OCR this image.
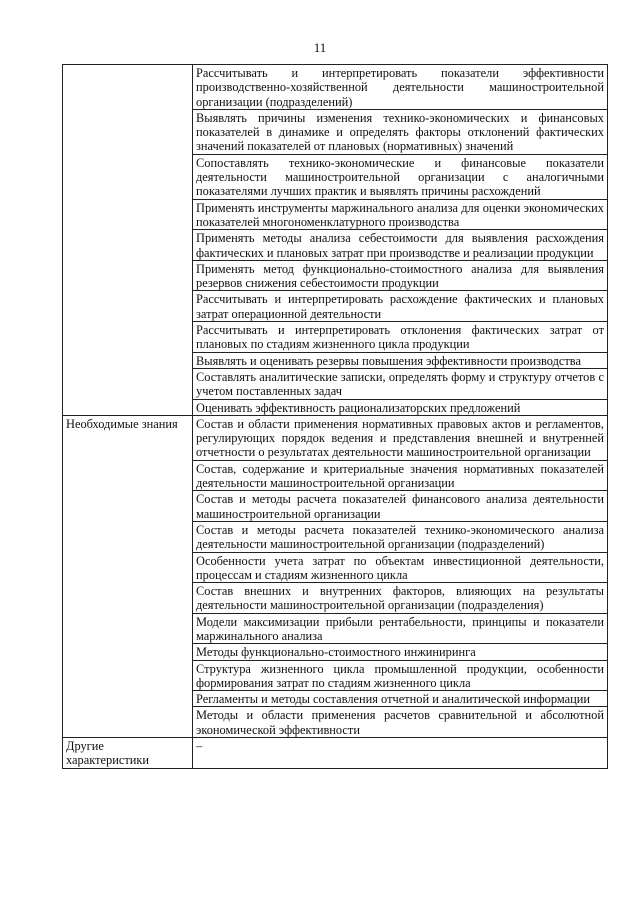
11
	Рассчитывать и интерпретировать показатели эффективности производственно-хозяйственной деятельности машиностроительной организации (подразделений)
	Выявлять причины изменения технико-экономических и финансовых показателей в динамике и определять факторы отклонений фактических значений показателей от плановых (нормативных) значений
	Сопоставлять технико-экономические и финансовые показатели деятельности машиностроительной организации с аналогичными показателями лучших практик и выявлять причины расхождений
	Применять инструменты маржинального анализа для оценки экономических показателей многономенклатурного производства
	Применять методы анализа себестоимости для выявления расхождения фактических и плановых затрат при производстве и реализации продукции
	Применять метод функционально-стоимостного анализа для выявления резервов снижения себестоимости продукции
	Рассчитывать и интерпретировать расхождение фактических и плановых затрат операционной деятельности
	Рассчитывать и интерпретировать отклонения фактических затрат от плановых по стадиям жизненного цикла продукции
	Выявлять и оценивать резервы повышения эффективности производства
	Составлять аналитические записки, определять форму и структуру отчетов с учетом поставленных задач
	Оценивать эффективность рационализаторских предложений
Необходимые знания	Состав и области применения нормативных правовых актов и регламентов, регулирующих порядок ведения и представления внешней и внутренней отчетности о результатах деятельности машиностроительной организации
	Состав, содержание и критериальные значения нормативных показателей деятельности машиностроительной организации
	Состав и методы расчета показателей финансового анализа деятельности машиностроительной организации
	Состав и методы расчета показателей технико-экономического анализа деятельности машиностроительной организации (подразделений)
	Особенности учета затрат по объектам инвестиционной деятельности, процессам и стадиям жизненного цикла
	Состав внешних и внутренних факторов, влияющих на результаты деятельности машиностроительной организации (подразделения)
	Модели максимизации прибыли рентабельности, принципы и показатели маржинального анализа
	Методы функционально-стоимостного инжиниринга
	Структура жизненного цикла промышленной продукции, особенности формирования затрат по стадиям жизненного цикла
	Регламенты и методы составления отчетной и аналитической информации
	Методы и области применения расчетов сравнительной и абсолютной экономической эффективности
Другие характеристики	–
